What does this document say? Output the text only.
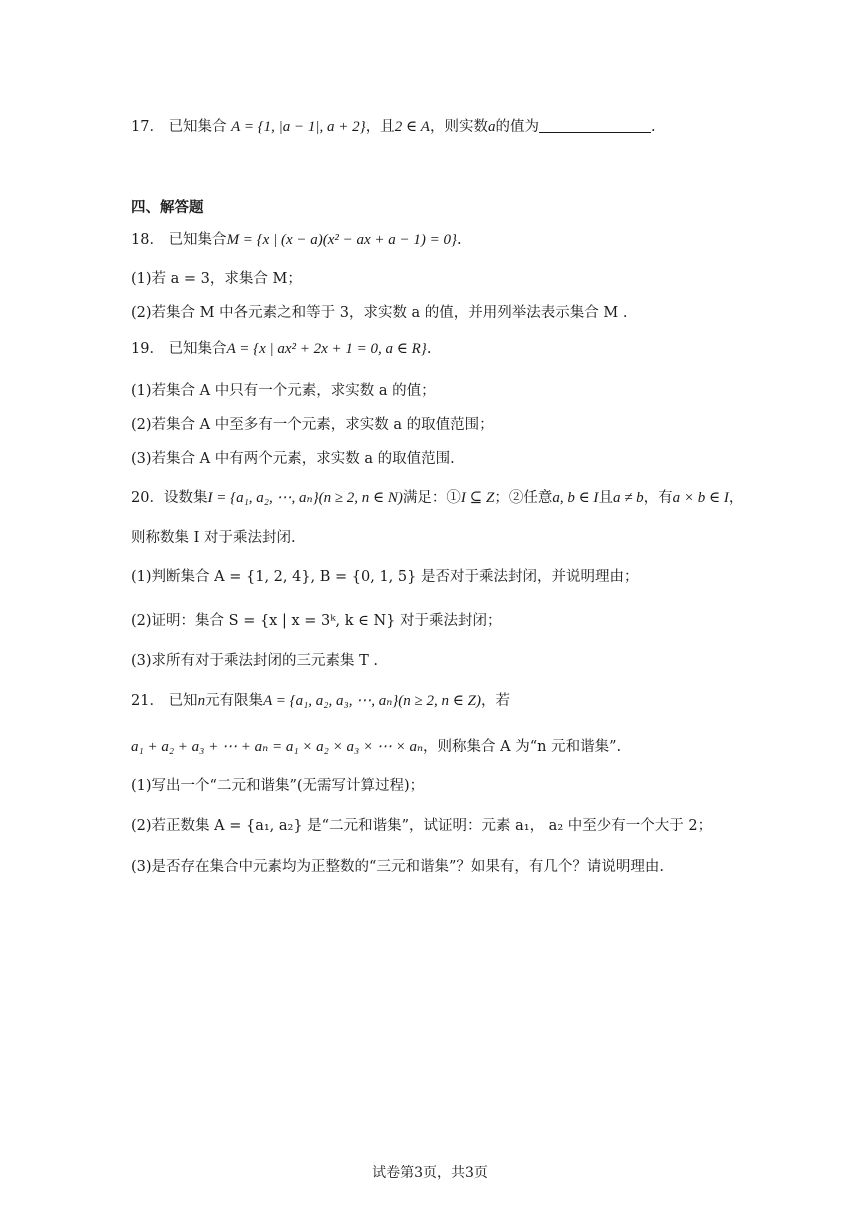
17． 已知集合 A = {1, |a − 1|, a + 2}，且2 ∈ A，则实数a的值为	.
四、解答题
18． 已知集合M = {x | (x − a)(x² − ax + a − 1) = 0}.
(1)若 a = 3，求集合 M；
(2)若集合 M 中各元素之和等于 3，求实数 a 的值，并用列举法表示集合 M .
19． 已知集合A = {x | ax² + 2x + 1 = 0, a ∈ R}.
(1)若集合 A 中只有一个元素，求实数 a 的值；
(2)若集合 A 中至多有一个元素，求实数 a 的取值范围；
(3)若集合 A 中有两个元素，求实数 a 的取值范围.
20．设数集I = {a₁, a₂, ⋯, aₙ}(n ≥ 2, n ∈ N)满足：①I ⊆ Z；②任意a, b ∈ I且a ≠ b，有a × b ∈ I，
则称数集 I 对于乘法封闭.
(1)判断集合 A = {1, 2, 4}, B = {0, 1, 5} 是否对于乘法封闭，并说明理由；
(2)证明：集合 S = {x | x = 3ᵏ, k ∈ N} 对于乘法封闭；
(3)求所有对于乘法封闭的三元素集 T .
21． 已知n元有限集A = {a₁, a₂, a₃, ⋯, aₙ}(n ≥ 2, n ∈ Z)，若
a₁ + a₂ + a₃ + ⋯ + aₙ = a₁ × a₂ × a₃ × ⋯ × aₙ，则称集合 A 为“n 元和谐集”.
(1)写出一个“二元和谐集”(无需写计算过程)；
(2)若正数集 A = {a₁, a₂} 是“二元和谐集”，试证明：元素 a₁， a₂ 中至少有一个大于 2；
(3)是否存在集合中元素均为正整数的“三元和谐集”？如果有，有几个？请说明理由.
试卷第3页，共3页
